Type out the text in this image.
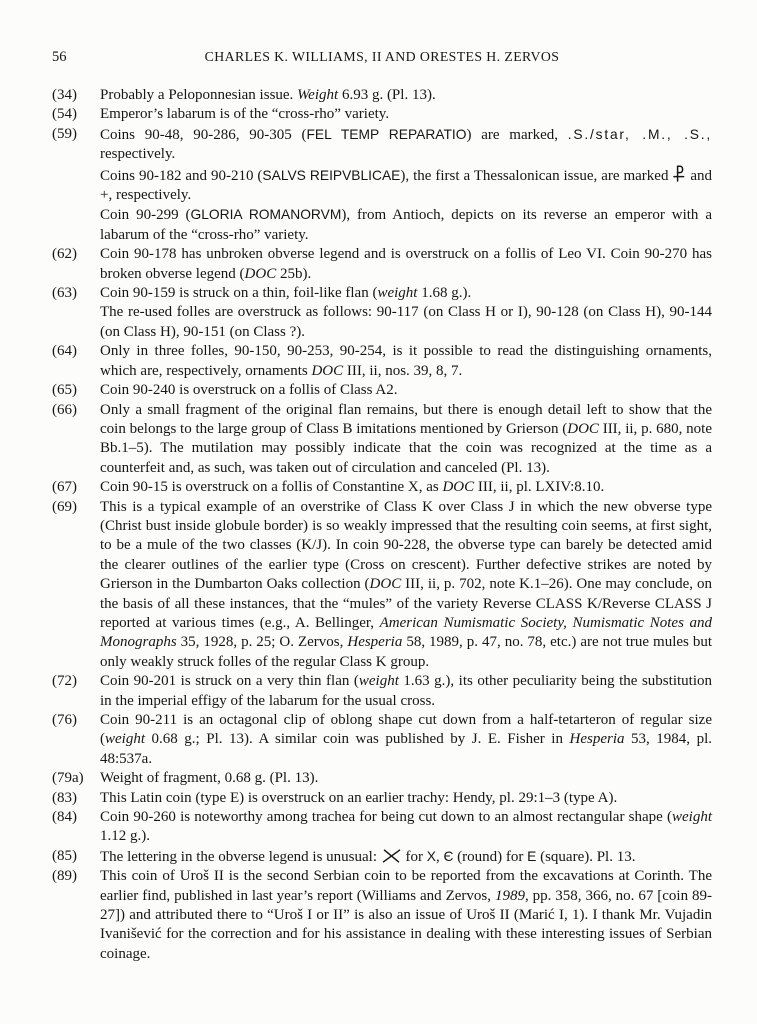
56	CHARLES K. WILLIAMS, II AND ORESTES H. ZERVOS
(34)	Probably a Peloponnesian issue. Weight 6.93 g. (Pl. 13).

(54)	Emperor’s labarum is of the “cross-rho” variety.

(59)	Coins 90-48, 90-286, 90-305 (FEL TEMP REPARATIO) are marked, .S./star, .M., .S., respectively.

Coins 90-182 and 90-210 (SALVS REIPVBLICAE), the first a Thessalonican issue, are marked
and +, respectively.

Coin 90-299 (GLORIA ROMANORVM), from Antioch, depicts on its reverse an emperor with a labarum of the “cross-rho” variety.

(62)	Coin 90-178 has unbroken obverse legend and is overstruck on a follis of Leo VI. Coin 90-270 has broken obverse legend (DOC 25b).

(63)	Coin 90-159 is struck on a thin, foil-like flan (weight 1.68 g.).

The re-used folles are overstruck as follows: 90-117 (on Class H or I), 90-128 (on Class H), 90-144 (on Class H), 90-151 (on Class ?).

(64)	Only in three folles, 90-150, 90-253, 90-254, is it possible to read the distinguishing ornaments, which are, respectively, ornaments DOC III, ii, nos. 39, 8, 7.

(65)	Coin 90-240 is overstruck on a follis of Class A2.

(66)	Only a small fragment of the original flan remains, but there is enough detail left to show that the coin belongs to the large group of Class B imitations mentioned by Grierson (DOC III, ii, p. 680, note Bb.1–5). The mutilation may possibly indicate that the coin was recognized at the time as a counterfeit and, as such, was taken out of circulation and canceled (Pl. 13).

(67)	Coin 90-15 is overstruck on a follis of Constantine X, as DOC III, ii, pl. LXIV:8.10.

(69)	This is a typical example of an overstrike of Class K over Class J in which the new obverse type (Christ bust inside globule border) is so weakly impressed that the resulting coin seems, at first sight, to be a mule of the two classes (K/J). In coin 90-228, the obverse type can barely be detected amid the clearer outlines of the earlier type (Cross on crescent). Further defective strikes are noted by Grierson in the Dumbarton Oaks collection (DOC III, ii, p. 702, note K.1–26). One may conclude, on the basis of all these instances, that the “mules” of the variety Reverse CLASS K/Reverse CLASS J reported at various times (e.g., A. Bellinger, American Numismatic Society, Numismatic Notes and Monographs 35, 1928, p. 25; O. Zervos, Hesperia 58, 1989, p. 47, no. 78, etc.) are not true mules but only weakly struck folles of the regular Class K group.

(72)	Coin 90-201 is struck on a very thin flan (weight 1.63 g.), its other peculiarity being the substitution in the imperial effigy of the labarum for the usual cross.

(76)	Coin 90-211 is an octagonal clip of oblong shape cut down from a half-tetarteron of regular size (weight 0.68 g.; Pl. 13). A similar coin was published by J. E. Fisher in Hesperia 53, 1984, pl. 48:537a.

(79a)	Weight of fragment, 0.68 g. (Pl. 13).

(83)	This Latin coin (type E) is overstruck on an earlier trachy: Hendy, pl. 29:1–3 (type A).

(84)	Coin 90-260 is noteworthy among trachea for being cut down to an almost rectangular shape (weight 1.12 g.).

(85)	The lettering in the obverse legend is unusual:
for X, Є (round) for E (square). Pl. 13.

(89)	This coin of Uroš II is the second Serbian coin to be reported from the excavations at Corinth. The earlier find, published in last year’s report (Williams and Zervos, 1989, pp. 358, 366, no. 67 [coin 89-27]) and attributed there to “Uroš I or II” is also an issue of Uroš II (Marić I, 1). I thank Mr. Vujadin Ivanišević for the correction and for his assistance in dealing with these interesting issues of Serbian coinage.
